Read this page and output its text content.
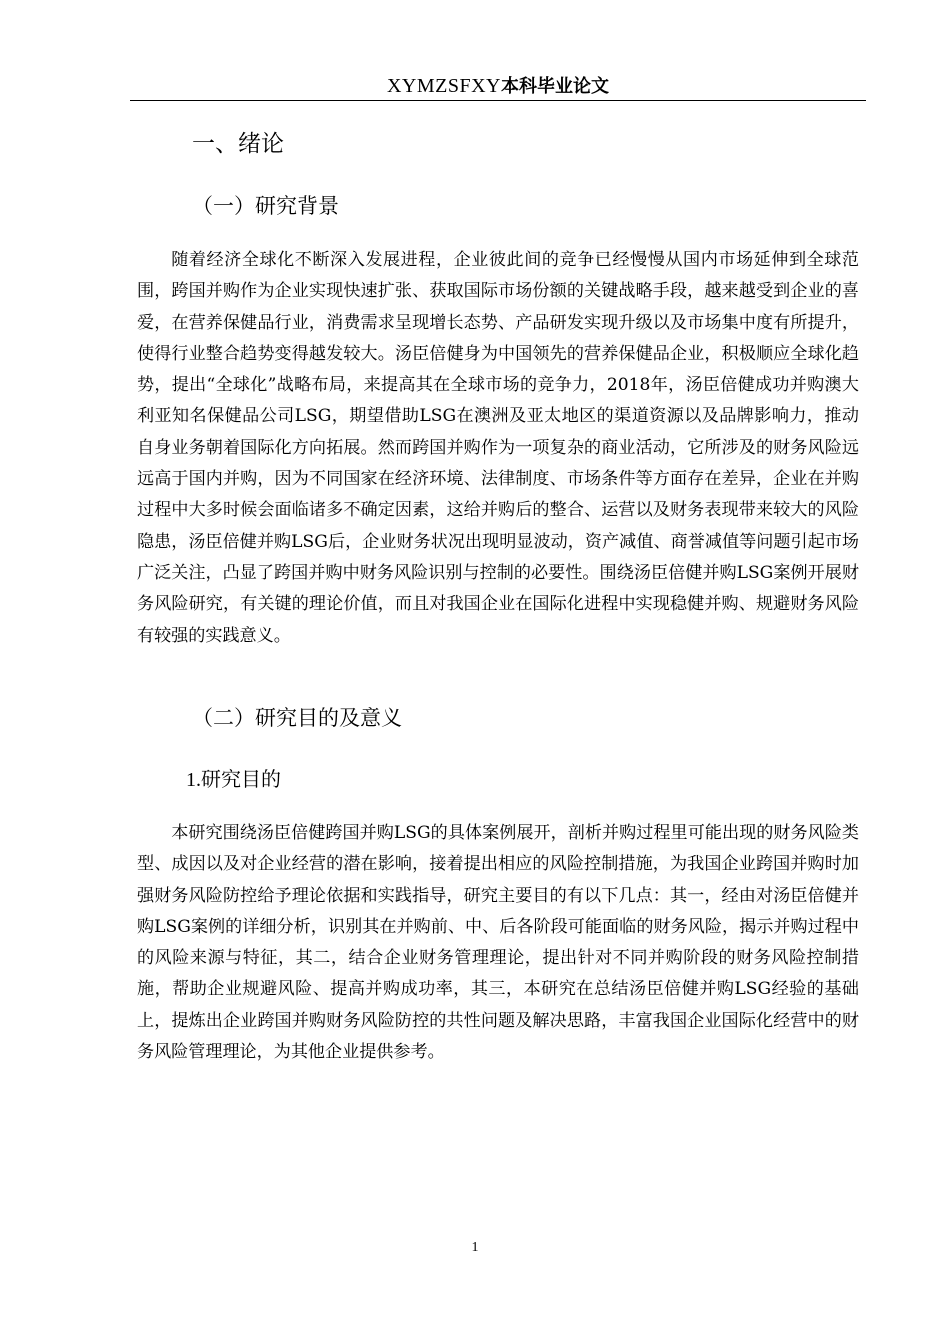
XYMZSFXY本科毕业论文
一、绪论
（一）研究背景

随着经济全球化不断深入发展进程，企业彼此间的竞争已经慢慢从国内市场延伸到全球范围，跨国并购作为企业实现快速扩张、获取国际市场份额的关键战略手段，越来越受到企业的喜爱，在营养保健品行业，消费需求呈现增长态势、产品研发实现升级以及市场集中度有所提升，使得行业整合趋势变得越发较大。汤臣倍健身为中国领先的营养保健品企业，积极顺应全球化趋势，提出“全球化”战略布局，来提高其在全球市场的竞争力，2018年，汤臣倍健成功并购澳大利亚知名保健品公司LSG，期望借助LSG在澳洲及亚太地区的渠道资源以及品牌影响力，推动自身业务朝着国际化方向拓展。然而跨国并购作为一项复杂的商业活动，它所涉及的财务风险远远高于国内并购，因为不同国家在经济环境、法律制度、市场条件等方面存在差异，企业在并购过程中大多时候会面临诸多不确定因素，这给并购后的整合、运营以及财务表现带来较大的风险隐患，汤臣倍健并购LSG后，企业财务状况出现明显波动，资产减值、商誉减值等问题引起市场广泛关注，凸显了跨国并购中财务风险识别与控制的必要性。围绕汤臣倍健并购LSG案例开展财务风险研究，有关键的理论价值，而且对我国企业在国际化进程中实现稳健并购、规避财务风险有较强的实践意义。

（二）研究目的及意义
1.研究目的

本研究围绕汤臣倍健跨国并购LSG的具体案例展开，剖析并购过程里可能出现的财务风险类型、成因以及对企业经营的潜在影响，接着提出相应的风险控制措施，为我国企业跨国并购时加强财务风险防控给予理论依据和实践指导，研究主要目的有以下几点：其一，经由对汤臣倍健并购LSG案例的详细分析，识别其在并购前、中、后各阶段可能面临的财务风险，揭示并购过程中的风险来源与特征，其二，结合企业财务管理理论，提出针对不同并购阶段的财务风险控制措施，帮助企业规避风险、提高并购成功率，其三，本研究在总结汤臣倍健并购LSG经验的基础上，提炼出企业跨国并购财务风险防控的共性问题及解决思路，丰富我国企业国际化经营中的财务风险管理理论，为其他企业提供参考。

1
